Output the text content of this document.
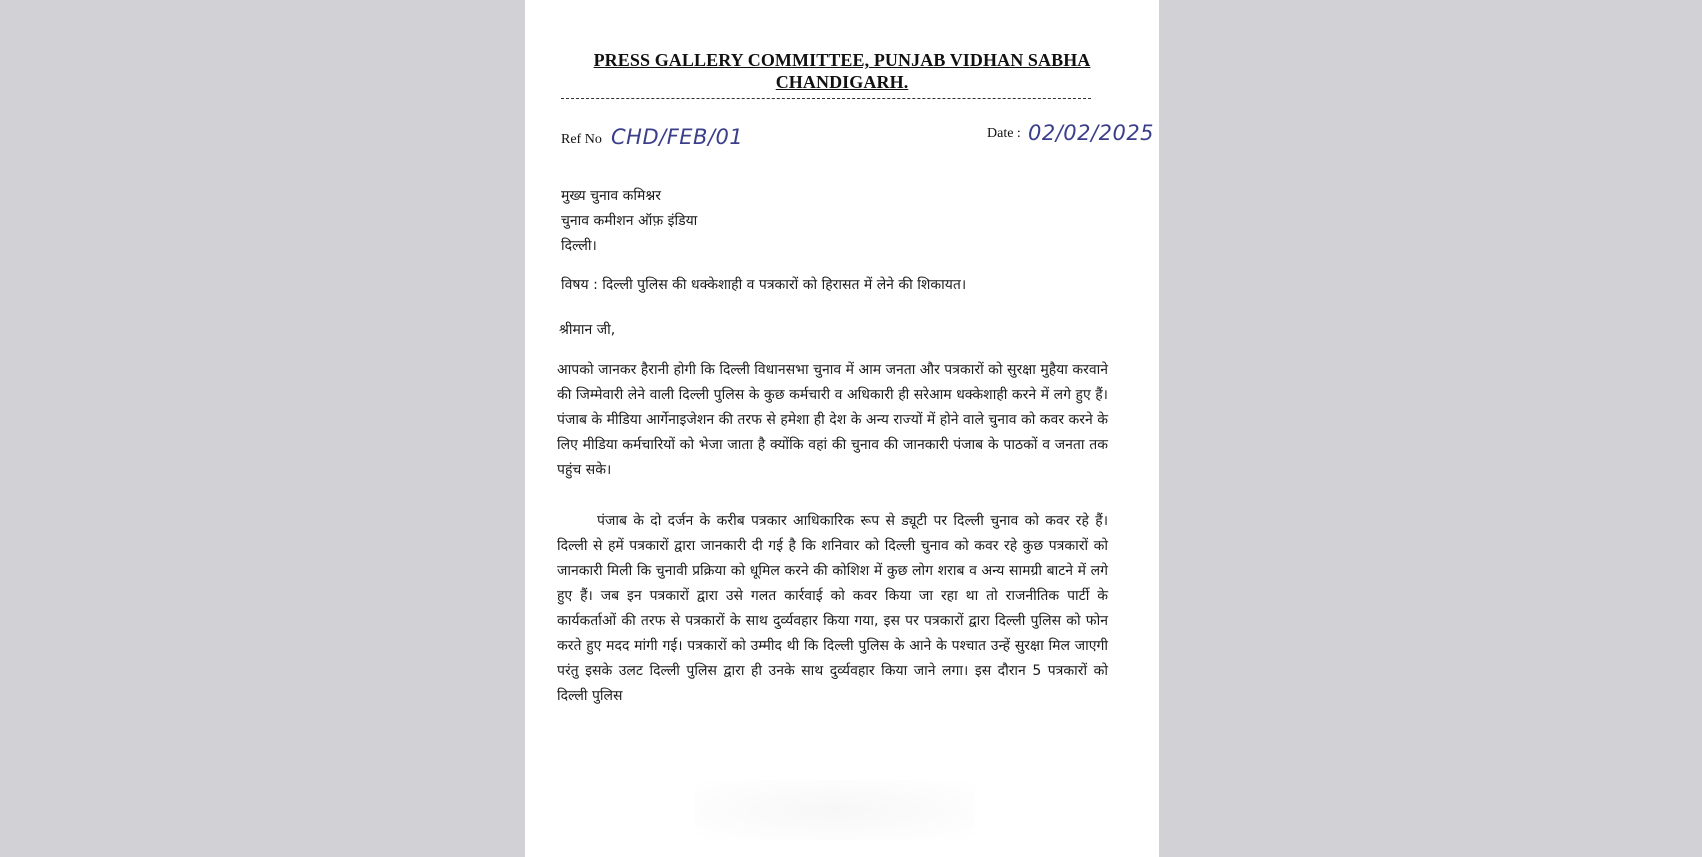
PRESS GALLERY COMMITTEE, PUNJAB VIDHAN SABHA
CHANDIGARH.
Ref No CHD/FEB/01	Date : 02/02/2025
मुख्य चुनाव कमिश्नर
चुनाव कमीशन ऑफ़ इंडिया
दिल्ली।
विषय : दिल्ली पुलिस की धक्केशाही व पत्रकारों को हिरासत में लेने की शिकायत।
श्रीमान जी,

आपको जानकर हैरानी होगी कि दिल्ली विधानसभा चुनाव में आम जनता और पत्रकारों को सुरक्षा मुहैया करवाने की जिम्मेवारी लेने वाली दिल्ली पुलिस के कुछ कर्मचारी व अधिकारी ही सरेआम धक्केशाही करने में लगे हुए हैं। पंजाब के मीडिया आर्गेनाइजेशन की तरफ से हमेशा ही देश के अन्य राज्यों में होने वाले चुनाव को कवर करने के लिए मीडिया कर्मचारियों को भेजा जाता है क्योंकि वहां की चुनाव की जानकारी पंजाब के पाठकों व जनता तक पहुंच सके।

पंजाब के दो दर्जन के करीब पत्रकार आधिकारिक रूप से ड्यूटी पर दिल्ली चुनाव को कवर रहे हैं। दिल्ली से हमें पत्रकारों द्वारा जानकारी दी गई है कि शनिवार को दिल्ली चुनाव को कवर रहे कुछ पत्रकारों को जानकारी मिली कि चुनावी प्रक्रिया को धूमिल करने की कोशिश में कुछ लोग शराब व अन्य सामग्री बाटने में लगे हुए हैं। जब इन पत्रकारों द्वारा उसे गलत कार्रवाई को कवर किया जा रहा था तो राजनीतिक पार्टी के कार्यकर्ताओं की तरफ से पत्रकारों के साथ दुर्व्यवहार किया गया, इस पर पत्रकारों द्वारा दिल्ली पुलिस को फोन करते हुए मदद मांगी गई। पत्रकारों को उम्मीद थी कि दिल्ली पुलिस के आने के पश्चात उन्हें सुरक्षा मिल जाएगी परंतु इसके उलट दिल्ली पुलिस द्वारा ही उनके साथ दुर्व्यवहार किया जाने लगा। इस दौरान 5 पत्रकारों को दिल्ली पुलिस
